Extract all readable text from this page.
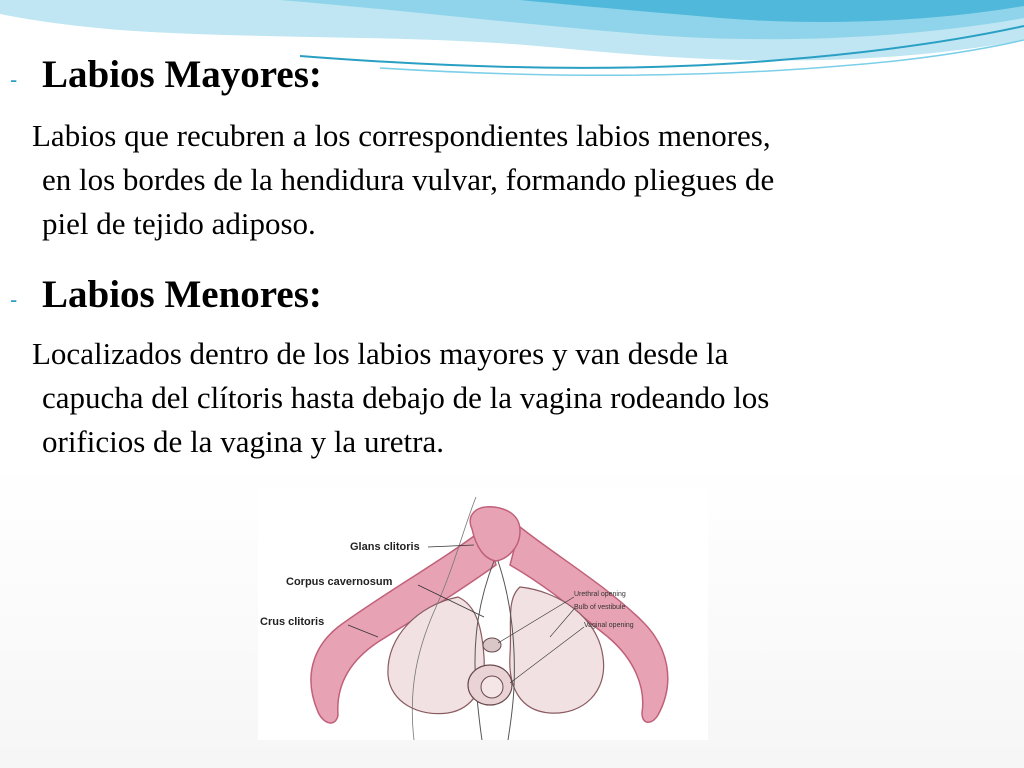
- Labios Mayores:

Labios que recubren a los correspondientes labios menores,
en los bordes de la hendidura vulvar, formando pliegues de
piel de tejido adiposo.

- Labios Menores:

Localizados dentro de los labios mayores y van desde la
capucha del clítoris hasta debajo de la vagina rodeando los
orificios de la vagina y la uretra.

Glans clitoris
Corpus cavernosum
Crus clitoris
Urethral opening
Bulb of vestibule
Vaginal opening
